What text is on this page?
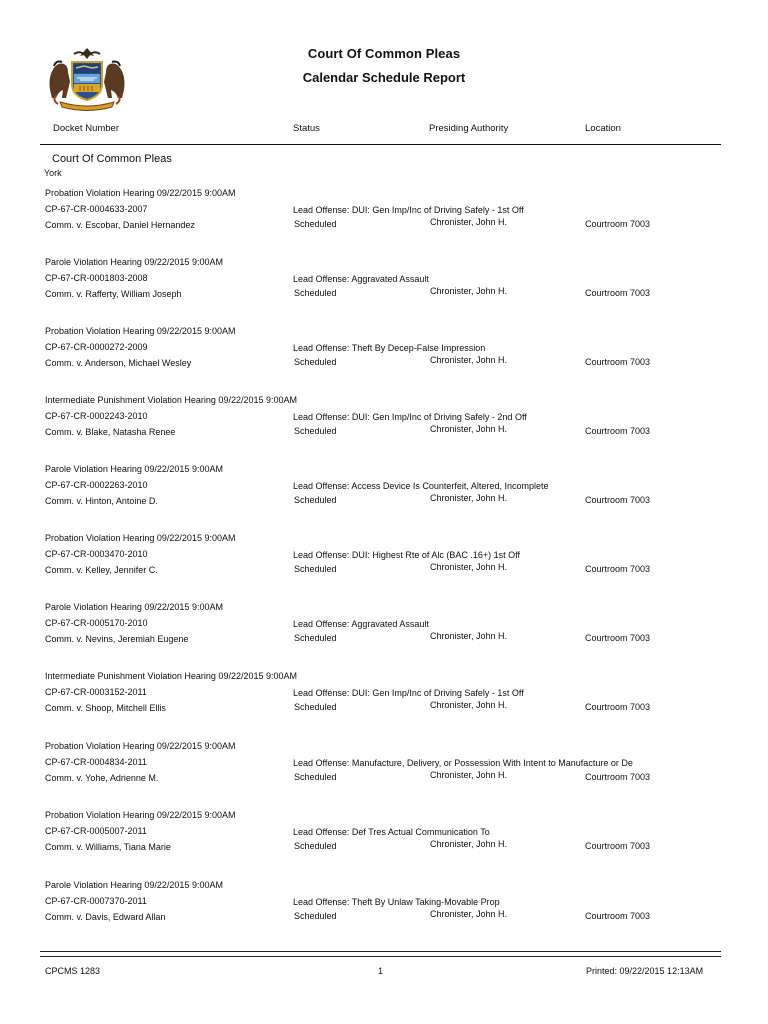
Court Of Common Pleas
Calendar Schedule Report
Docket Number	Status	Presiding Authority	Location
Court Of Common Pleas
York
Probation Violation Hearing 09/22/2015 9:00AM
CP-67-CR-0004633-2007
Comm. v. Escobar, Daniel Hernandez
Lead Offense: DUI: Gen Imp/Inc of Driving Safely - 1st Off
Scheduled	Chronister, John H.	Courtroom 7003
Parole Violation Hearing 09/22/2015 9:00AM
CP-67-CR-0001803-2008
Comm. v. Rafferty, William Joseph
Lead Offense: Aggravated Assault
Scheduled	Chronister, John H.	Courtroom 7003
Probation Violation Hearing 09/22/2015 9:00AM
CP-67-CR-0000272-2009
Comm. v. Anderson, Michael Wesley
Lead Offense: Theft By Decep-False Impression
Scheduled	Chronister, John H.	Courtroom 7003
Intermediate Punishment Violation Hearing 09/22/2015 9:00AM
CP-67-CR-0002243-2010
Comm. v. Blake, Natasha Renee
Lead Offense: DUI: Gen Imp/Inc of Driving Safely - 2nd Off
Scheduled	Chronister, John H.	Courtroom 7003
Parole Violation Hearing 09/22/2015 9:00AM
CP-67-CR-0002263-2010
Comm. v. Hinton, Antoine D.
Lead Offense: Access Device Is Counterfeit, Altered, Incomplete
Scheduled	Chronister, John H.	Courtroom 7003
Probation Violation Hearing 09/22/2015 9:00AM
CP-67-CR-0003470-2010
Comm. v. Kelley, Jennifer C.
Lead Offense: DUI: Highest Rte of Alc (BAC .16+) 1st Off
Scheduled	Chronister, John H.	Courtroom 7003
Parole Violation Hearing 09/22/2015 9:00AM
CP-67-CR-0005170-2010
Comm. v. Nevins, Jeremiah Eugene
Lead Offense: Aggravated Assault
Scheduled	Chronister, John H.	Courtroom 7003
Intermediate Punishment Violation Hearing 09/22/2015 9:00AM
CP-67-CR-0003152-2011
Comm. v. Shoop, Mitchell Ellis
Lead Offense: DUI: Gen Imp/Inc of Driving Safely - 1st Off
Scheduled	Chronister, John H.	Courtroom 7003
Probation Violation Hearing 09/22/2015 9:00AM
CP-67-CR-0004834-2011
Comm. v. Yohe, Adrienne M.
Lead Offense: Manufacture, Delivery, or Possession With Intent to Manufacture or De
Scheduled	Chronister, John H.	Courtroom 7003
Probation Violation Hearing 09/22/2015 9:00AM
CP-67-CR-0005007-2011
Comm. v. Williams, Tiana Marie
Lead Offense: Def Tres Actual Communication To
Scheduled	Chronister, John H.	Courtroom 7003
Parole Violation Hearing 09/22/2015 9:00AM
CP-67-CR-0007370-2011
Comm. v. Davis, Edward Allan
Lead Offense: Theft By Unlaw Taking-Movable Prop
Scheduled	Chronister, John H.	Courtroom 7003
CPCMS 1283	1	Printed: 09/22/2015 12:13AM
